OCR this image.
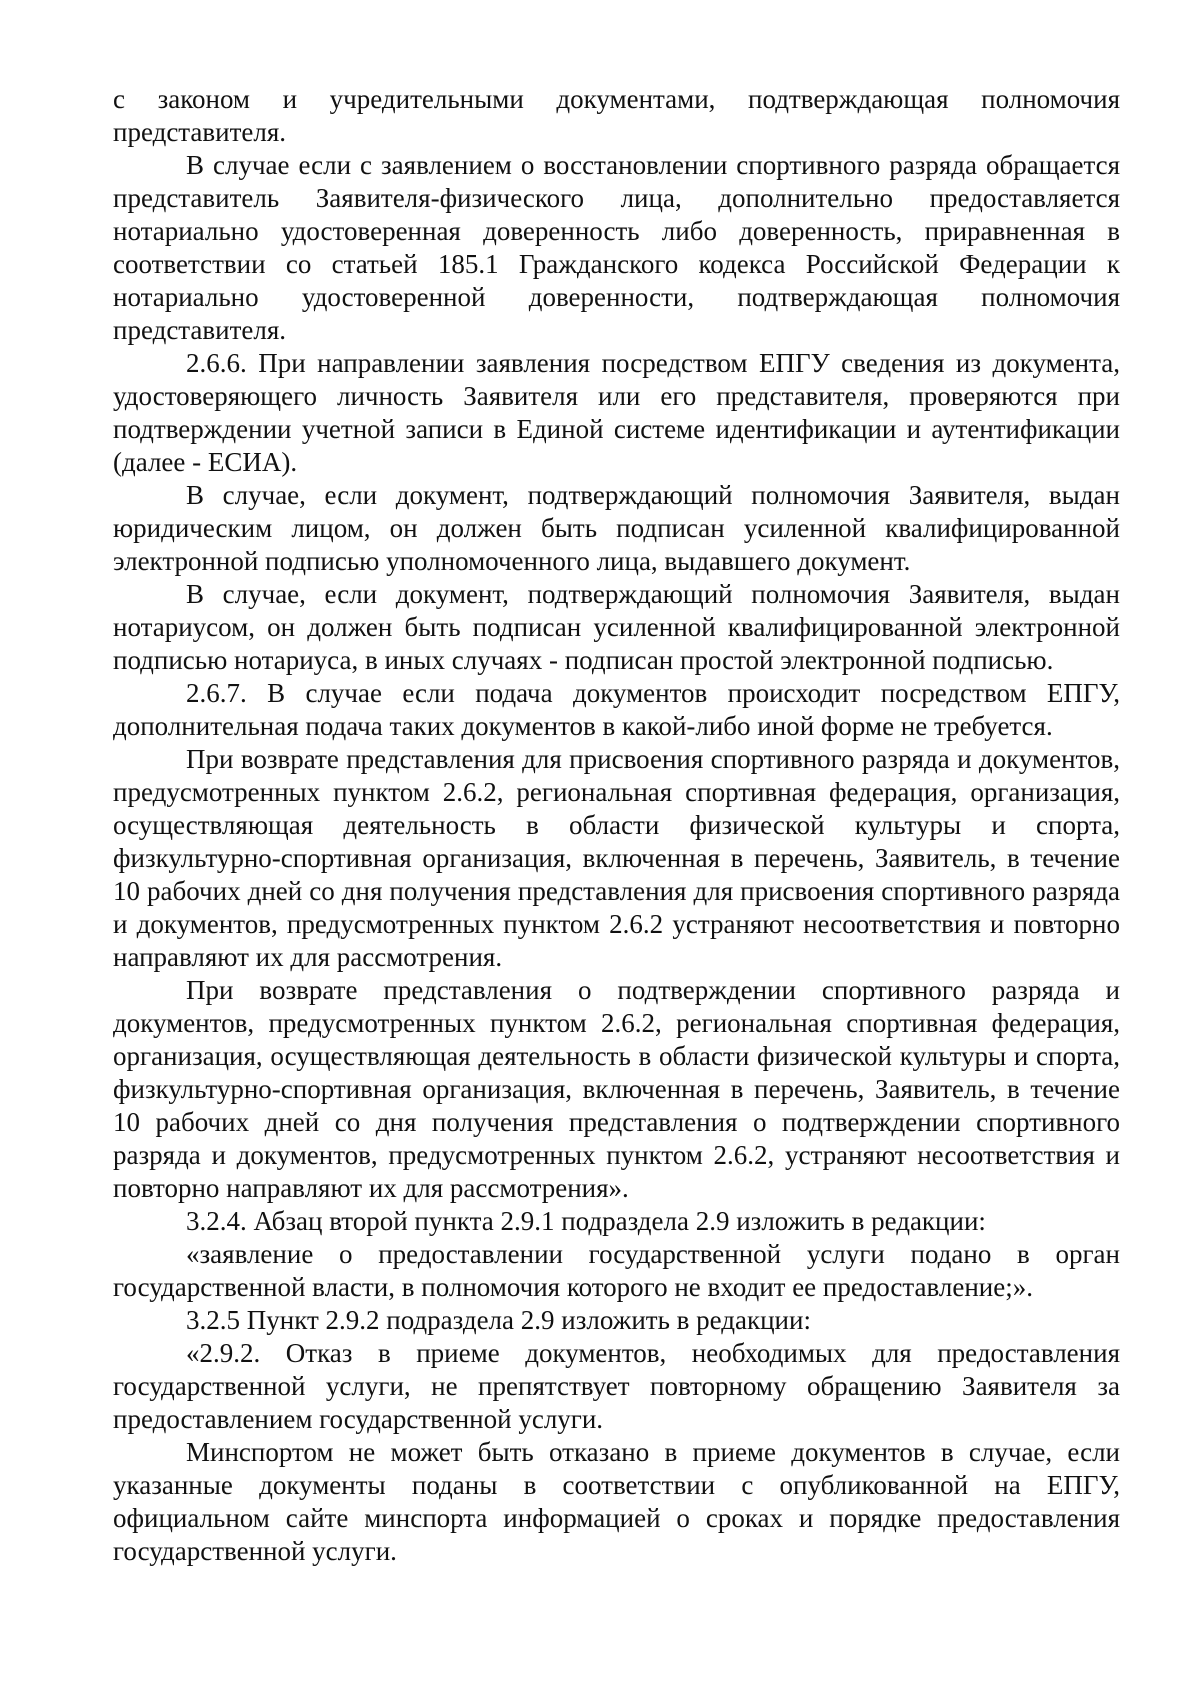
с законом и учредительными документами, подтверждающая полномочия представителя.

В случае если с заявлением о восстановлении спортивного разряда обращается представитель Заявителя-физического лица, дополнительно предоставляется нотариально удостоверенная доверенность либо доверенность, приравненная в соответствии со статьей 185.1 Гражданского кодекса Российской Федерации к нотариально удостоверенной доверенности, подтверждающая полномочия представителя.

2.6.6. При направлении заявления посредством ЕПГУ сведения из документа, удостоверяющего личность Заявителя или его представителя, проверяются при подтверждении учетной записи в Единой системе идентификации и аутентификации (далее - ЕСИА).

В случае, если документ, подтверждающий полномочия Заявителя, выдан юридическим лицом, он должен быть подписан усиленной квалифицированной электронной подписью уполномоченного лица, выдавшего документ.

В случае, если документ, подтверждающий полномочия Заявителя, выдан нотариусом, он должен быть подписан усиленной квалифицированной электронной подписью нотариуса, в иных случаях - подписан простой электронной подписью.

2.6.7. В случае если подача документов происходит посредством ЕПГУ, дополнительная подача таких документов в какой-либо иной форме не требуется.

При возврате представления для присвоения спортивного разряда и документов, предусмотренных пунктом 2.6.2, региональная спортивная федерация, организация, осуществляющая деятельность в области физической культуры и спорта, физкультурно-спортивная организация, включенная в перечень, Заявитель, в течение 10 рабочих дней со дня получения представления для присвоения спортивного разряда и документов, предусмотренных пунктом 2.6.2 устраняют несоответствия и повторно направляют их для рассмотрения.

При возврате представления о подтверждении спортивного разряда и документов, предусмотренных пунктом 2.6.2, региональная спортивная федерация, организация, осуществляющая деятельность в области физической культуры и спорта, физкультурно-спортивная организация, включенная в перечень, Заявитель, в течение 10 рабочих дней со дня получения представления о подтверждении спортивного разряда и документов, предусмотренных пунктом 2.6.2, устраняют несоответствия и повторно направляют их для рассмотрения».

3.2.4. Абзац второй пункта 2.9.1 подраздела 2.9 изложить в редакции:

«заявление о предоставлении государственной услуги подано в орган государственной власти, в полномочия которого не входит ее предоставление;».

3.2.5 Пункт 2.9.2 подраздела 2.9 изложить в редакции:

«2.9.2. Отказ в приеме документов, необходимых для предоставления государственной услуги, не препятствует повторному обращению Заявителя за предоставлением государственной услуги.

Минспортом не может быть отказано в приеме документов в случае, если указанные документы поданы в соответствии с опубликованной на ЕПГУ, официальном сайте минспорта информацией о сроках и порядке предоставления государственной услуги.
